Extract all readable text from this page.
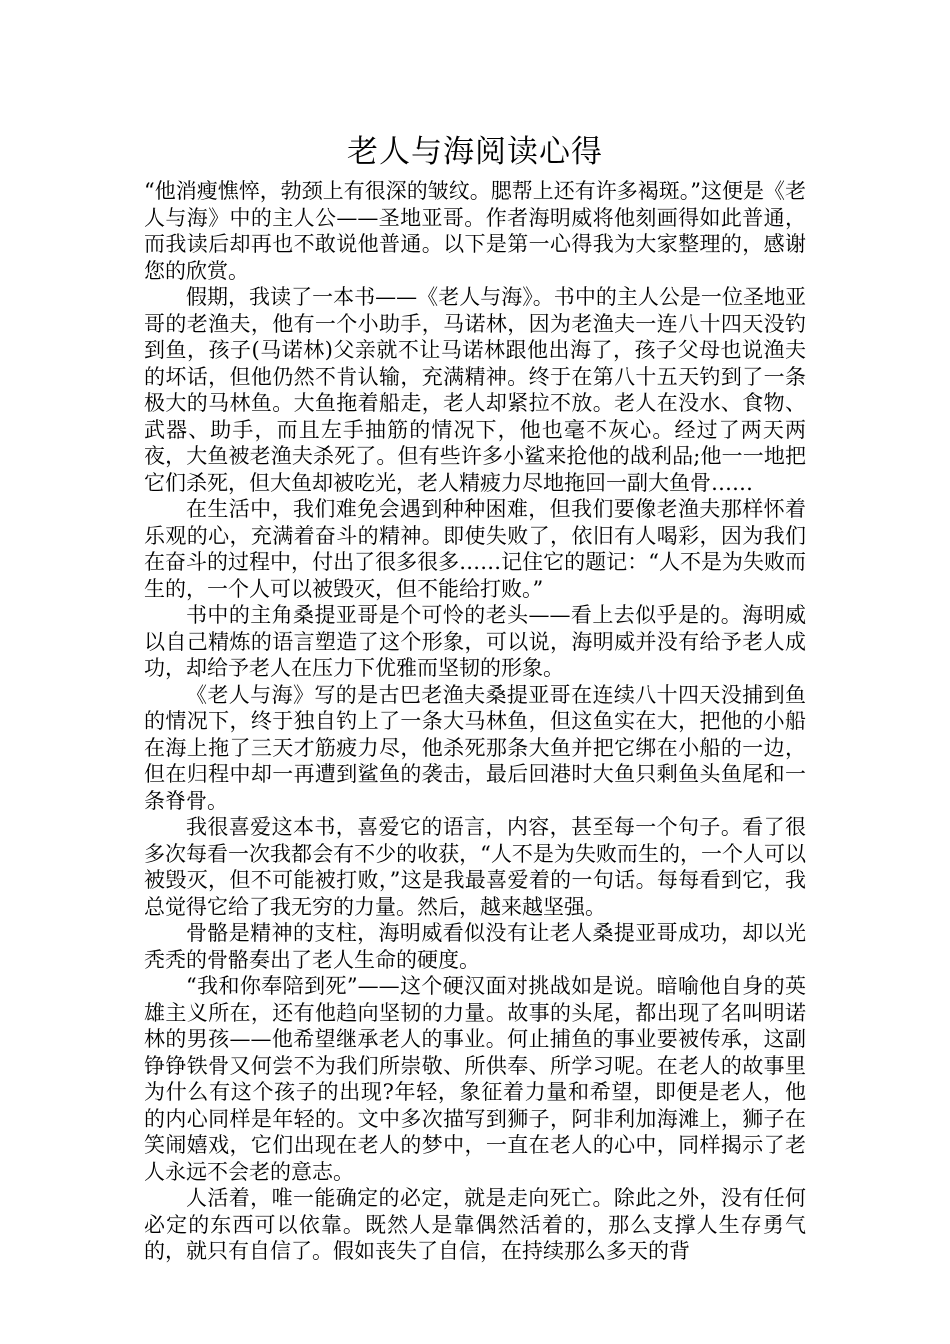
老人与海阅读心得

“他消瘦憔悴，勃颈上有很深的皱纹。腮帮上还有许多褐斑。”这便是《老人与海》中的主人公——圣地亚哥。作者海明威将他刻画得如此普通，而我读后却再也不敢说他普通。以下是第一心得我为大家整理的，感谢您的欣赏。

假期，我读了一本书——《老人与海》。书中的主人公是一位圣地亚哥的老渔夫，他有一个小助手，马诺林，因为老渔夫一连八十四天没钓到鱼，孩子(马诺林)父亲就不让马诺林跟他出海了，孩子父母也说渔夫的坏话，但他仍然不肯认输，充满精神。终于在第八十五天钓到了一条极大的马林鱼。大鱼拖着船走，老人却紧拉不放。老人在没水、食物、武器、助手，而且左手抽筋的情况下，他也毫不灰心。经过了两天两夜，大鱼被老渔夫杀死了。但有些许多小鲨来抢他的战利品;他一一地把它们杀死，但大鱼却被吃光，老人精疲力尽地拖回一副大鱼骨……

在生活中，我们难免会遇到种种困难，但我们要像老渔夫那样怀着乐观的心，充满着奋斗的精神。即使失败了，依旧有人喝彩，因为我们在奋斗的过程中，付出了很多很多……记住它的题记：“人不是为失败而生的，一个人可以被毁灭，但不能给打败。”

书中的主角桑提亚哥是个可怜的老头——看上去似乎是的。海明威以自己精炼的语言塑造了这个形象，可以说，海明威并没有给予老人成功，却给予老人在压力下优雅而坚韧的形象。

《老人与海》写的是古巴老渔夫桑提亚哥在连续八十四天没捕到鱼的情况下，终于独自钓上了一条大马林鱼，但这鱼实在大，把他的小船在海上拖了三天才筋疲力尽，他杀死那条大鱼并把它绑在小船的一边，但在归程中却一再遭到鲨鱼的袭击，最后回港时大鱼只剩鱼头鱼尾和一条脊骨。

我很喜爱这本书，喜爱它的语言，内容，甚至每一个句子。看了很多次每看一次我都会有不少的收获，“人不是为失败而生的，一个人可以被毁灭，但不可能被打败，”这是我最喜爱着的一句话。每每看到它，我总觉得它给了我无穷的力量。然后，越来越坚强。

骨骼是精神的支柱，海明威看似没有让老人桑提亚哥成功，却以光秃秃的骨骼奏出了老人生命的硬度。

“我和你奉陪到死”——这个硬汉面对挑战如是说。暗喻他自身的英雄主义所在，还有他趋向坚韧的力量。故事的头尾，都出现了名叫明诺林的男孩——他希望继承老人的事业。何止捕鱼的事业要被传承，这副铮铮铁骨又何尝不为我们所崇敬、所供奉、所学习呢。在老人的故事里为什么有这个孩子的出现?年轻，象征着力量和希望，即便是老人，他的内心同样是年轻的。文中多次描写到狮子，阿非利加海滩上，狮子在笑闹嬉戏，它们出现在老人的梦中，一直在老人的心中，同样揭示了老人永远不会老的意志。

人活着，唯一能确定的必定，就是走向死亡。除此之外，没有任何必定的东西可以依靠。既然人是靠偶然活着的，那么支撑人生存勇气的，就只有自信了。假如丧失了自信，在持续那么多天的背
